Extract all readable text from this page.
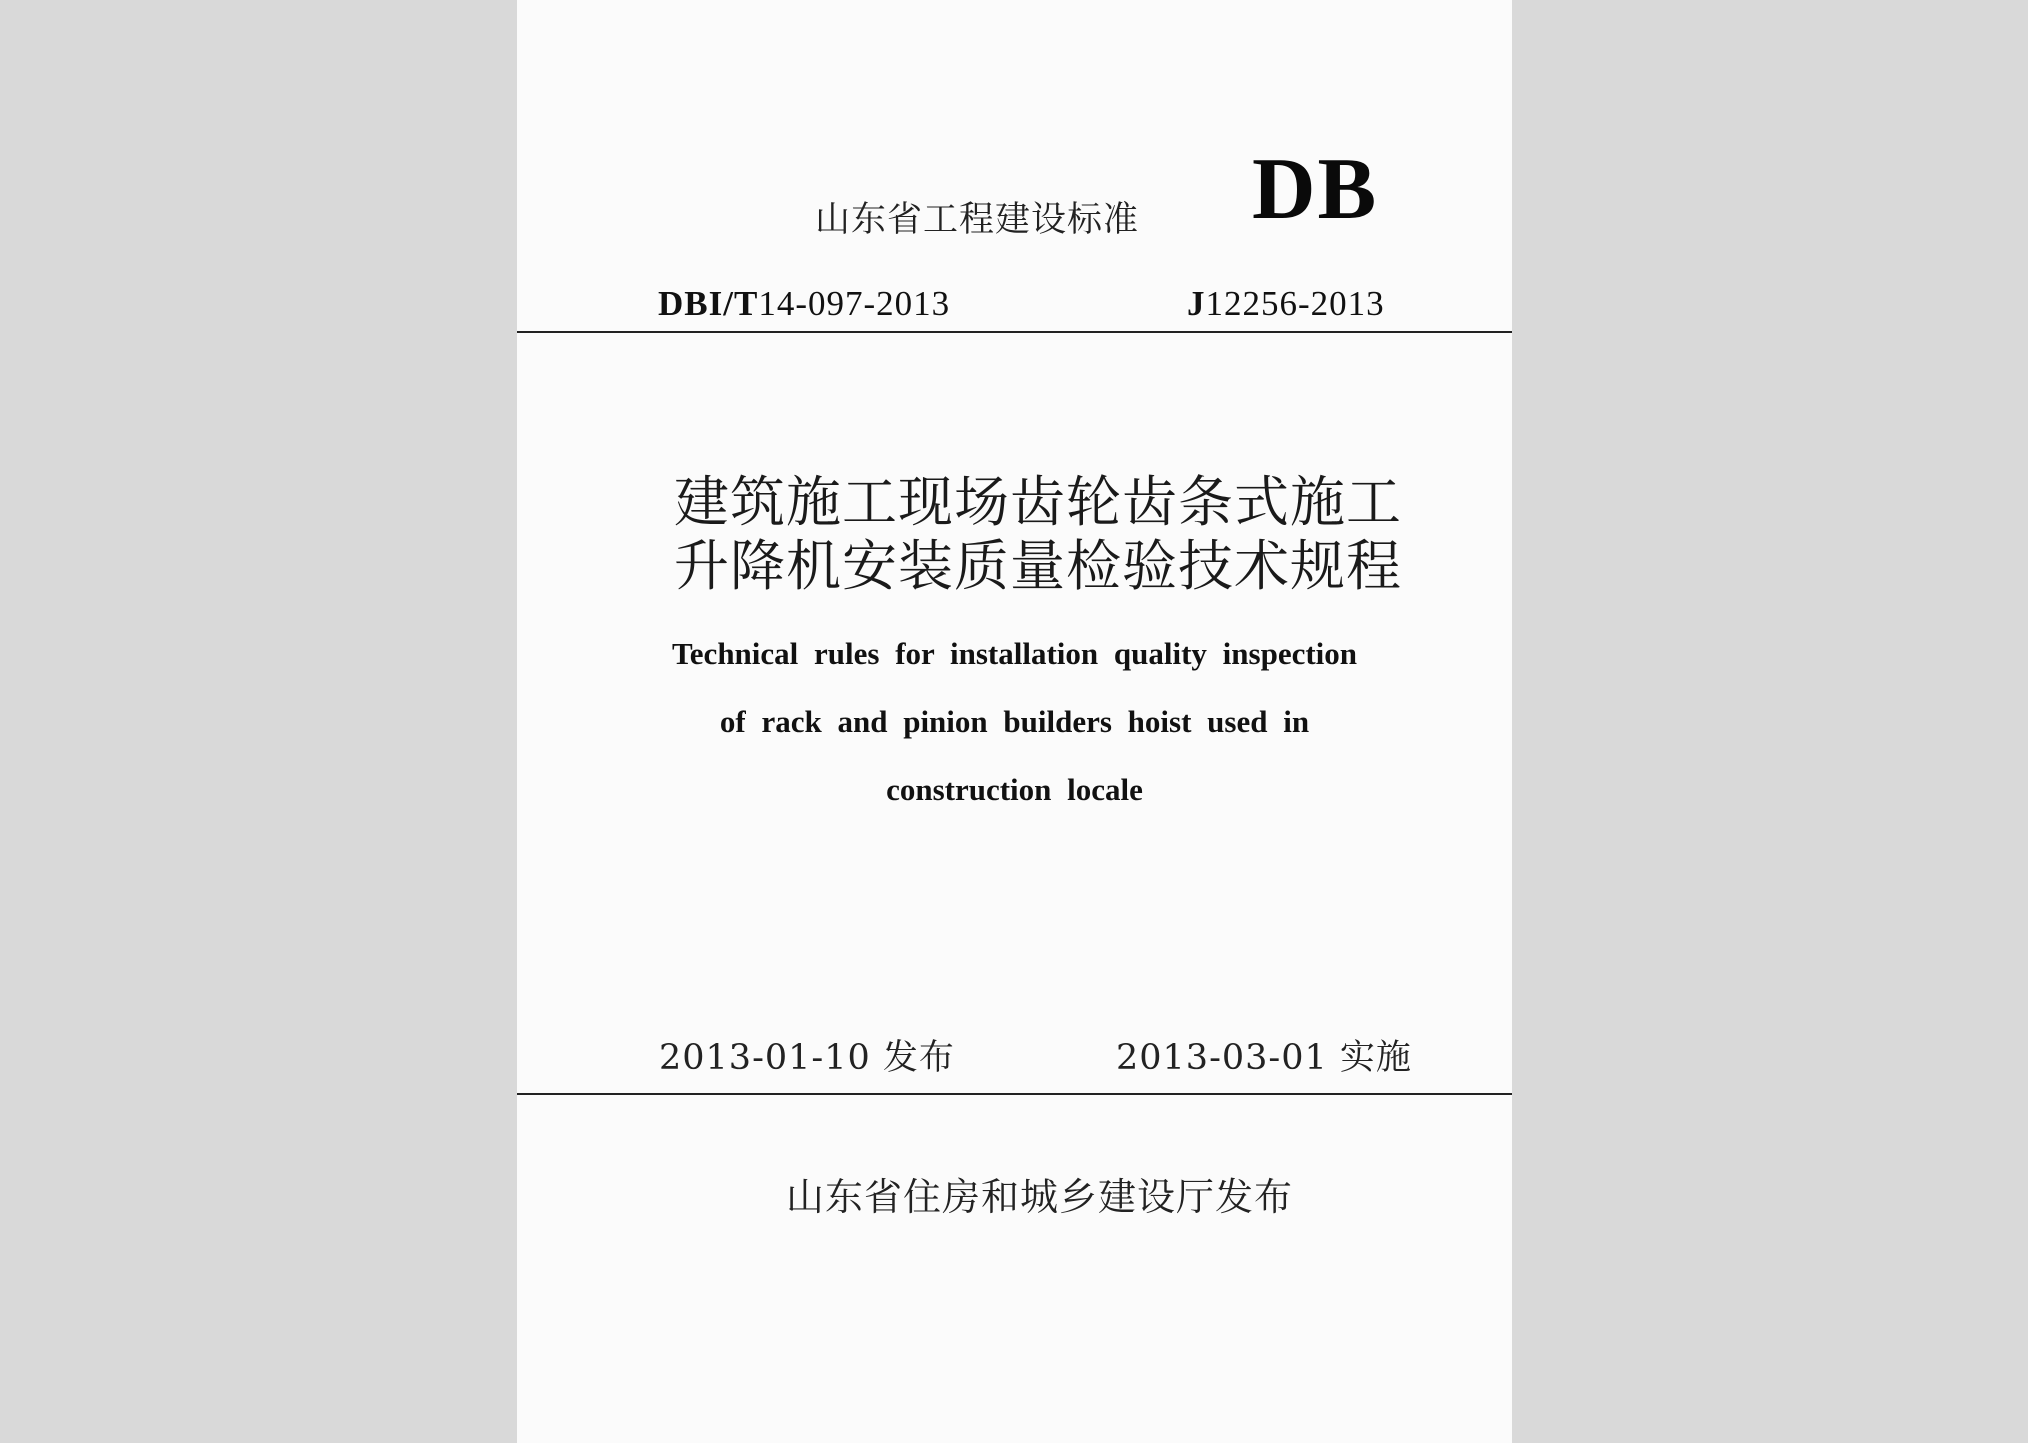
山东省工程建设标准 DB
DBI/T14-097-2013	J12256-2013
建筑施工现场齿轮齿条式施工
升降机安装质量检验技术规程
Technical rules for installation quality inspection
of rack and pinion builders hoist used in
construction locale
2013-01-10 发布	2013-03-01 实施
山东省住房和城乡建设厅发布
